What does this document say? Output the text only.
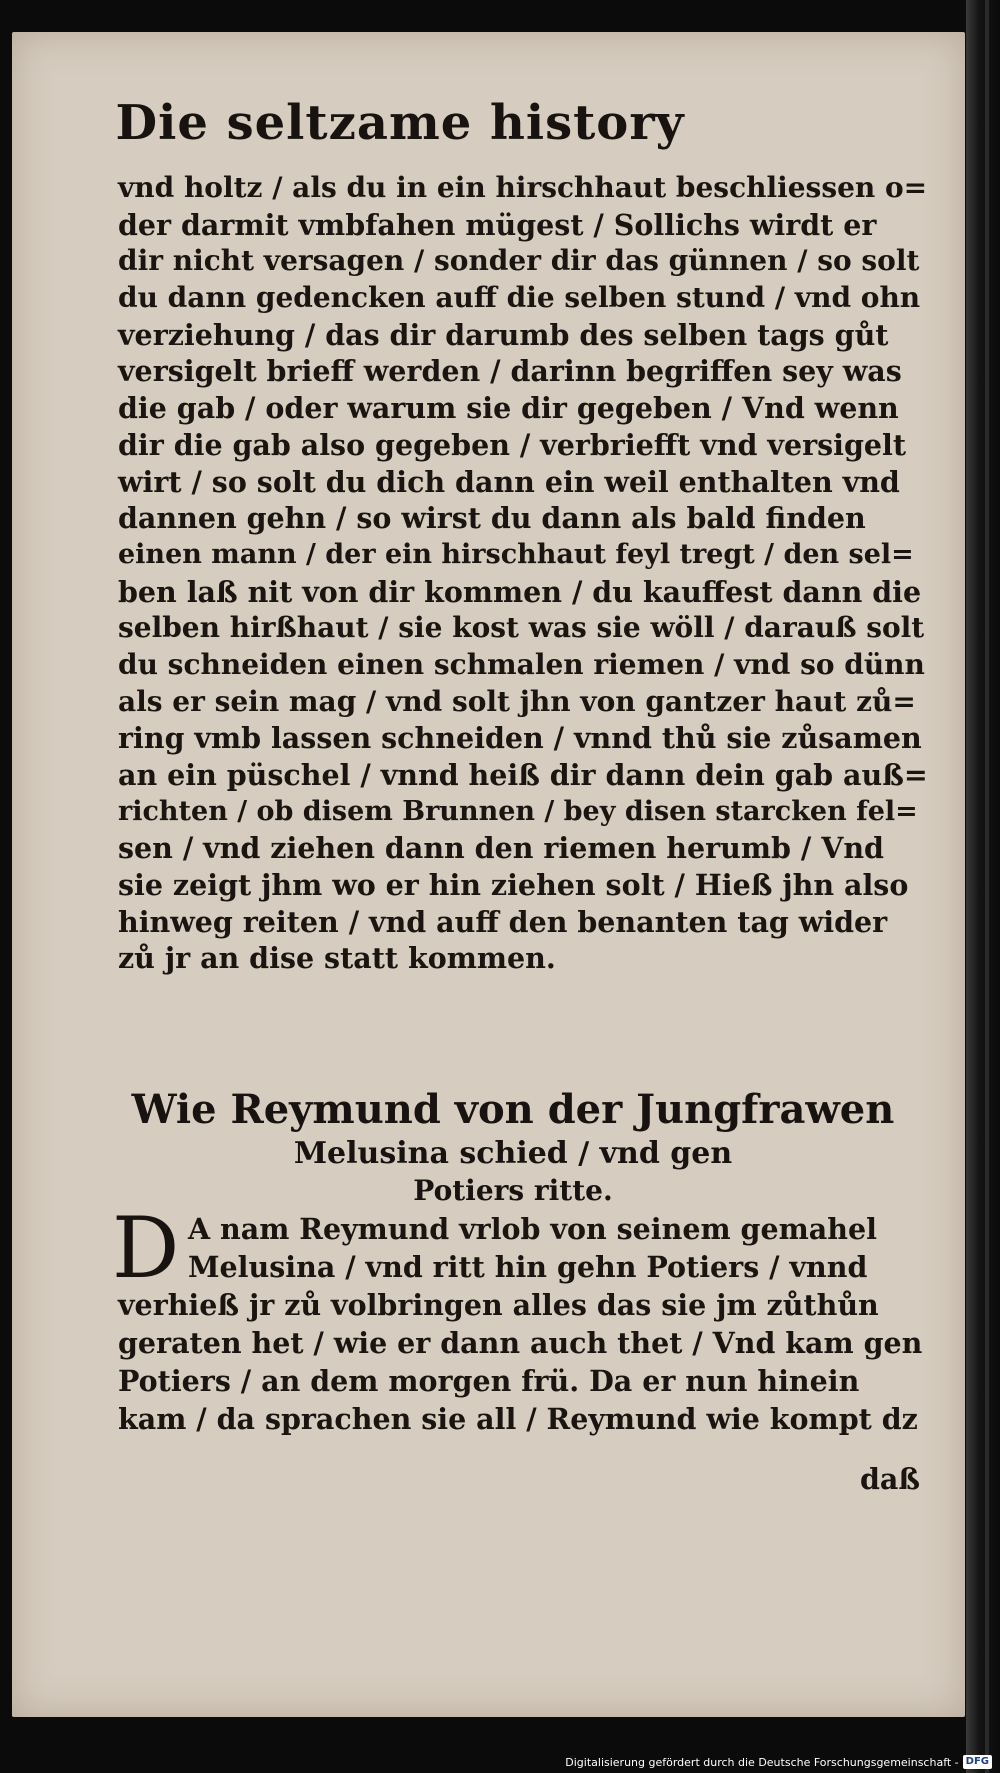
Die seltzame history
vnd holtz / als du in ein hirschhaut beschliessen o=
der darmit vmbfahen mügest / Sollichs wirdt er
dir nicht versagen / sonder dir das günnen / so solt
du dann gedencken auff die selben stund / vnd ohn
verziehung / das dir darumb des selben tags gůt
versigelt brieff werden / darinn begriffen sey was
die gab / oder warum sie dir gegeben / Vnd wenn
dir die gab also gegeben / verbriefft vnd versigelt
wirt / so solt du dich dann ein weil enthalten vnd
dannen gehn / so wirst du dann als bald finden
einen mann / der ein hirschhaut feyl tregt / den sel=
ben laß nit von dir kommen / du kauffest dann die
selben hirßhaut / sie kost was sie wöll / darauß solt
du schneiden einen schmalen riemen / vnd so dünn
als er sein mag / vnd solt jhn von gantzer haut zů=
ring vmb lassen schneiden / vnnd thů sie zůsamen
an ein püschel / vnnd heiß dir dann dein gab auß=
richten / ob disem Brunnen / bey disen starcken fel=
sen / vnd ziehen dann den riemen herumb / Vnd
sie zeigt jhm wo er hin ziehen solt / Hieß jhn also
hinweg reiten / vnd auff den benanten tag wider
zů jr an dise statt kommen.
Wie Reymund von der Jungfrawen
Melusina schied / vnd gen
Potiers ritte.
D A nam Reymund vrlob von seinem gemahel
Melusina / vnd ritt hin gehn Potiers / vnnd
verhieß jr zů volbringen alles das sie jm zůthůn
geraten het / wie er dann auch thet / Vnd kam gen
Potiers / an dem morgen frü. Da er nun hinein
kam / da sprachen sie all / Reymund wie kompt dz
daß
Digitalisierung gefördert durch die Deutsche Forschungsgemeinschaft - DFG
